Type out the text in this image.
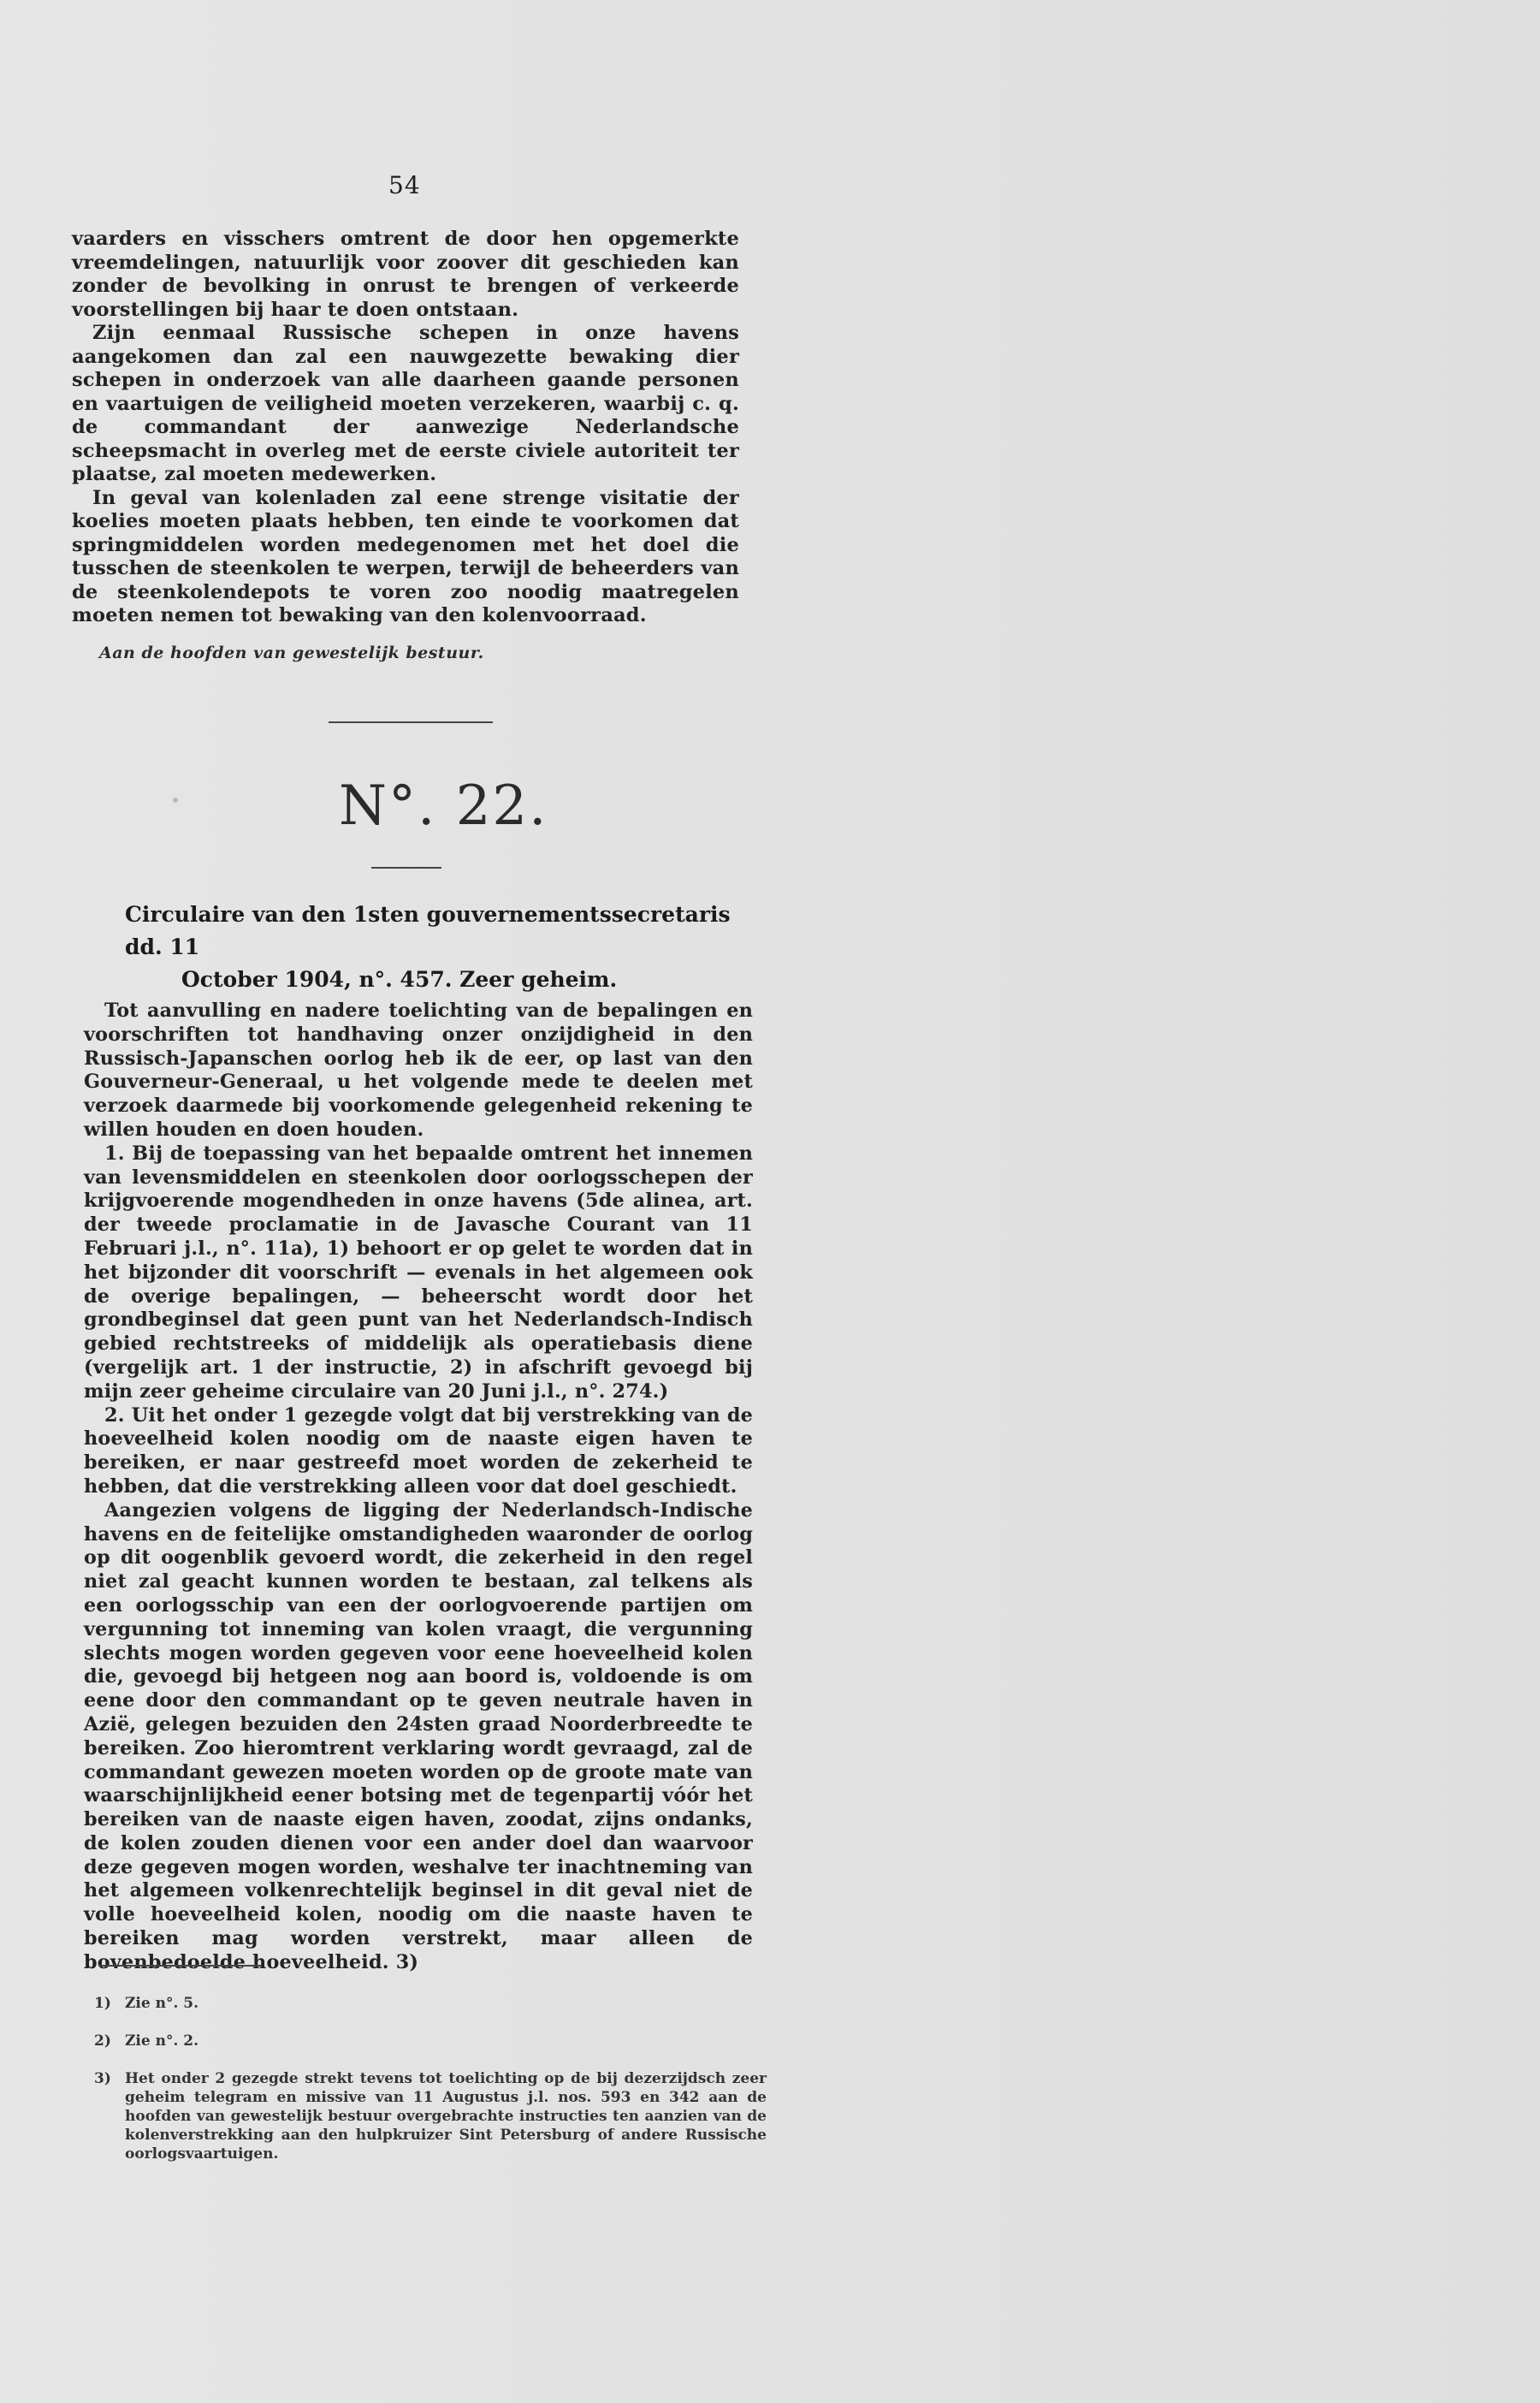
54

vaarders en visschers omtrent de door hen opgemerkte vreemdelingen, natuurlijk voor zoover dit geschieden kan zonder de bevolking in onrust te brengen of verkeerde voorstellingen bij haar te doen ontstaan.

Zijn eenmaal Russische schepen in onze havens aangekomen dan zal een nauwgezette bewaking dier schepen in onderzoek van alle daarheen gaande personen en vaartuigen de veiligheid moeten verzekeren, waarbij c. q. de commandant der aanwezige Nederlandsche scheepsmacht in overleg met de eerste civiele autoriteit ter plaatse, zal moeten medewerken.

In geval van kolenladen zal eene strenge visitatie der koelies moeten plaats hebben, ten einde te voorkomen dat springmiddelen worden medegenomen met het doel die tusschen de steenkolen te werpen, terwijl de beheerders van de steenkolendepots te voren zoo noodig maatregelen moeten nemen tot bewaking van den kolenvoorraad.

Aan de hoofden van gewestelijk bestuur.
N°. 22.
Circulaire van den 1sten gouvernementssecretaris dd. 11
October 1904, n°. 457. Zeer geheim.

Tot aanvulling en nadere toelichting van de bepalingen en voorschriften tot handhaving onzer onzijdigheid in den Russisch-Japanschen oorlog heb ik de eer, op last van den Gouverneur-Generaal, u het volgende mede te deelen met verzoek daarmede bij voorkomende gelegenheid rekening te willen houden en doen houden.

1. Bij de toepassing van het bepaalde omtrent het innemen van levensmiddelen en steenkolen door oorlogsschepen der krijgvoerende mogendheden in onze havens (5de alinea, art. der tweede proclamatie in de Javasche Courant van 11 Februari j.l., n°. 11a), 1) behoort er op gelet te worden dat in het bijzonder dit voorschrift — evenals in het algemeen ook de overige bepalingen, — beheerscht wordt door het grondbeginsel dat geen punt van het Nederlandsch-Indisch gebied rechtstreeks of middelijk als operatiebasis diene (vergelijk art. 1 der instructie, 2) in afschrift gevoegd bij mijn zeer geheime circulaire van 20 Juni j.l., n°. 274.)

2. Uit het onder 1 gezegde volgt dat bij verstrekking van de hoeveelheid kolen noodig om de naaste eigen haven te bereiken, er naar gestreefd moet worden de zekerheid te hebben, dat die verstrekking alleen voor dat doel geschiedt.

Aangezien volgens de ligging der Nederlandsch-Indische havens en de feitelijke omstandigheden waaronder de oorlog op dit oogenblik gevoerd wordt, die zekerheid in den regel niet zal geacht kunnen worden te bestaan, zal telkens als een oorlogsschip van een der oorlogvoerende partijen om vergunning tot inneming van kolen vraagt, die vergunning slechts mogen worden gegeven voor eene hoeveelheid kolen die, gevoegd bij hetgeen nog aan boord is, voldoende is om eene door den commandant op te geven neutrale haven in Azië, gelegen bezuiden den 24sten graad Noorderbreedte te bereiken. Zoo hieromtrent verklaring wordt gevraagd, zal de commandant gewezen moeten worden op de groote mate van waarschijnlijkheid eener botsing met de tegenpartij vóór het bereiken van de naaste eigen haven, zoodat, zijns ondanks, de kolen zouden dienen voor een ander doel dan waarvoor deze gegeven mogen worden, weshalve ter inachtneming van het algemeen volkenrechtelijk beginsel in dit geval niet de volle hoeveelheid kolen, noodig om die naaste haven te bereiken mag worden verstrekt, maar alleen de bovenbedoelde hoeveelheid. 3)

1) Zie n°. 5.
2) Zie n°. 2.
3) Het onder 2 gezegde strekt tevens tot toelichting op de bij dezerzijdsch zeer geheim telegram en missive van 11 Augustus j.l. nos. 593 en 342 aan de hoofden van gewestelijk bestuur overgebrachte instructies ten aanzien van de kolenverstrekking aan den hulpkruizer Sint Petersburg of andere Russische oorlogsvaartuigen.
